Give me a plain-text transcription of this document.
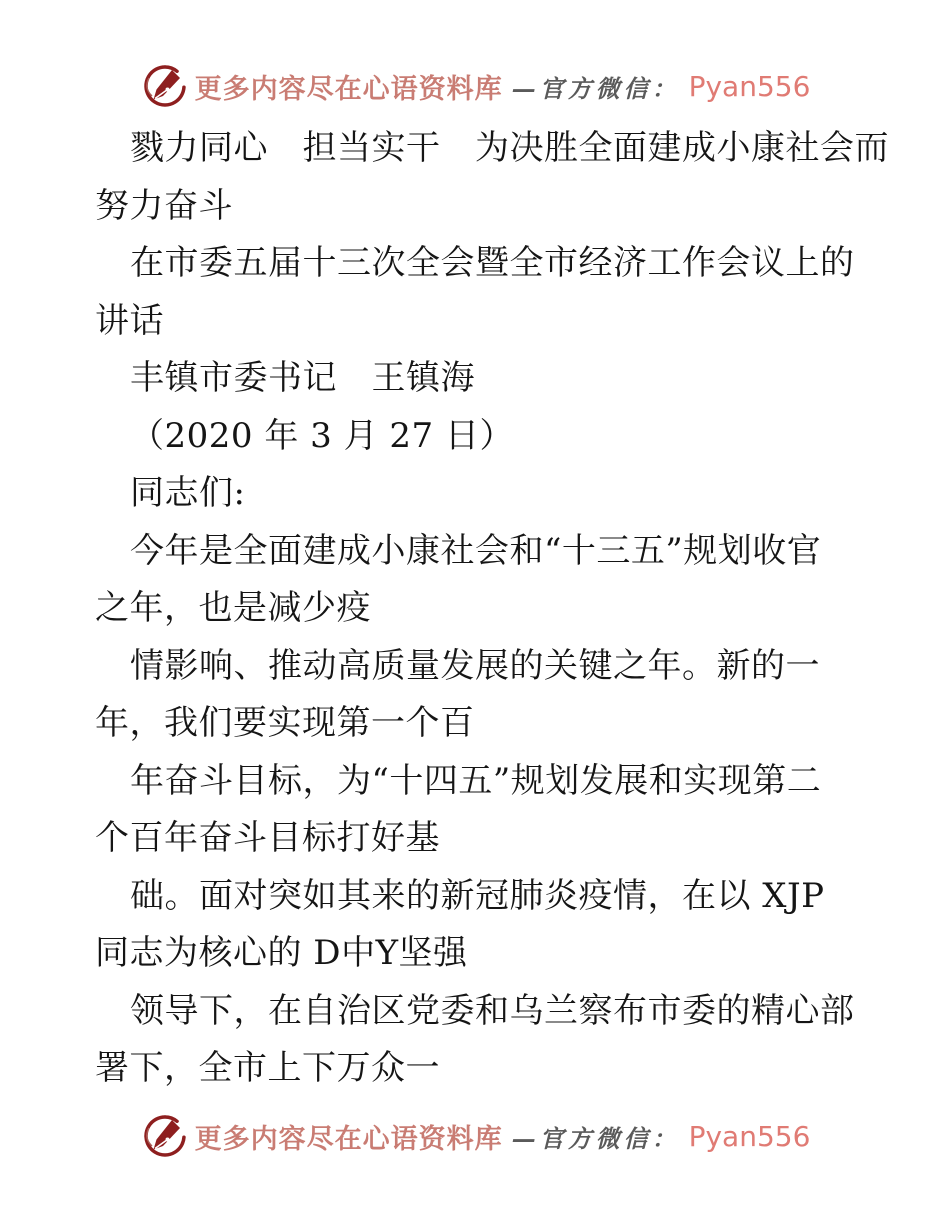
更多内容尽在心语资料库 —官方微信： Pyan556
戮力同心　担当实干　为决胜全面建成小康社会而
努力奋斗
在市委五届十三次全会暨全市经济工作会议上的
讲话
丰镇市委书记　王镇海
（2020 年 3 月 27 日）
同志们:
今年是全面建成小康社会和“十三五”规划收官
之年，也是减少疫
情影响、推动高质量发展的关键之年。新的一
年，我们要实现第一个百
年奋斗目标，为“十四五”规划发展和实现第二
个百年奋斗目标打好基
础。面对突如其来的新冠肺炎疫情，在以 XJP
同志为核心的 D中Y坚强
领导下，在自治区党委和乌兰察布市委的精心部
署下，全市上下万众一
更多内容尽在心语资料库 —官方微信： Pyan556
